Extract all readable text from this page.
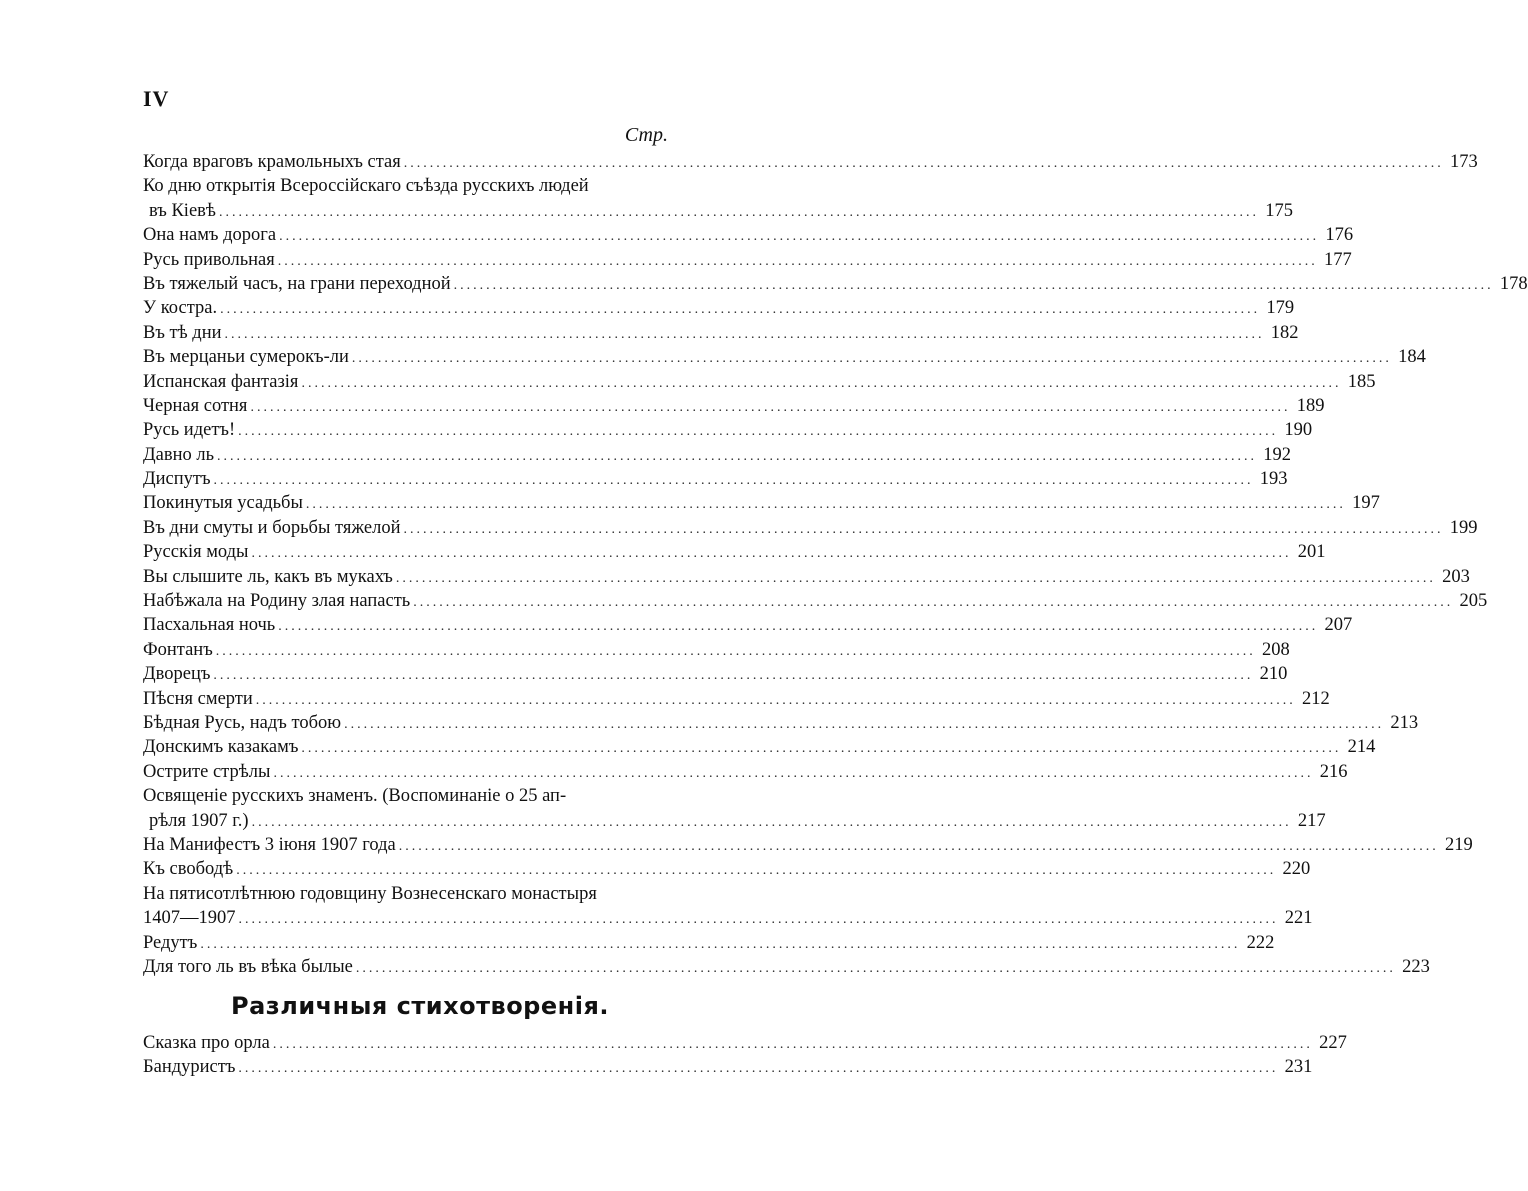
IV
Стр.
Когда враговъ крамольныхъ стая ................................................................................................................................................................ 173
Ко дню открытія Всероссійскаго съѣзда русскихъ людей
въ Кіевѣ ................................................................................................................................................................ 175
Она намъ дорога ................................................................................................................................................................ 176
Русь привольная ................................................................................................................................................................ 177
Въ тяжелый часъ, на грани переходной ................................................................................................................................................................ 178
У костра. ................................................................................................................................................................ 179
Въ тѣ дни ................................................................................................................................................................ 182
Въ мерцаньи сумерокъ-ли ................................................................................................................................................................ 184
Испанская фантазія ................................................................................................................................................................ 185
Черная сотня ................................................................................................................................................................ 189
Русь идетъ! ................................................................................................................................................................ 190
Давно ль ................................................................................................................................................................ 192
Диспутъ ................................................................................................................................................................ 193
Покинутыя усадьбы ................................................................................................................................................................ 197
Въ дни смуты и борьбы тяжелой ................................................................................................................................................................ 199
Русскія моды ................................................................................................................................................................ 201
Вы слышите ль, какъ въ мукахъ ................................................................................................................................................................ 203
Набѣжала на Родину злая напасть ................................................................................................................................................................ 205
Пасхальная ночь ................................................................................................................................................................ 207
Фонтанъ ................................................................................................................................................................ 208
Дворецъ ................................................................................................................................................................ 210
Пѣсня смерти ................................................................................................................................................................ 212
Бѣдная Русь, надъ тобою ................................................................................................................................................................ 213
Донскимъ казакамъ ................................................................................................................................................................ 214
Острите стрѣлы ................................................................................................................................................................ 216
Освященіе русскихъ знаменъ. (Воспоминаніе о 25 ап-
рѣля 1907 г.) ................................................................................................................................................................ 217
На Манифестъ 3 іюня 1907 года ................................................................................................................................................................ 219
Къ свободѣ ................................................................................................................................................................ 220
На пятисотлѣтнюю годовщину Вознесенскаго монастыря
1407—1907 ................................................................................................................................................................ 221
Редутъ ................................................................................................................................................................ 222
Для того ль въ вѣка былые ................................................................................................................................................................ 223
Различныя стихотворенія.
Сказка про орла ................................................................................................................................................................ 227
Бандуристъ ................................................................................................................................................................ 231
